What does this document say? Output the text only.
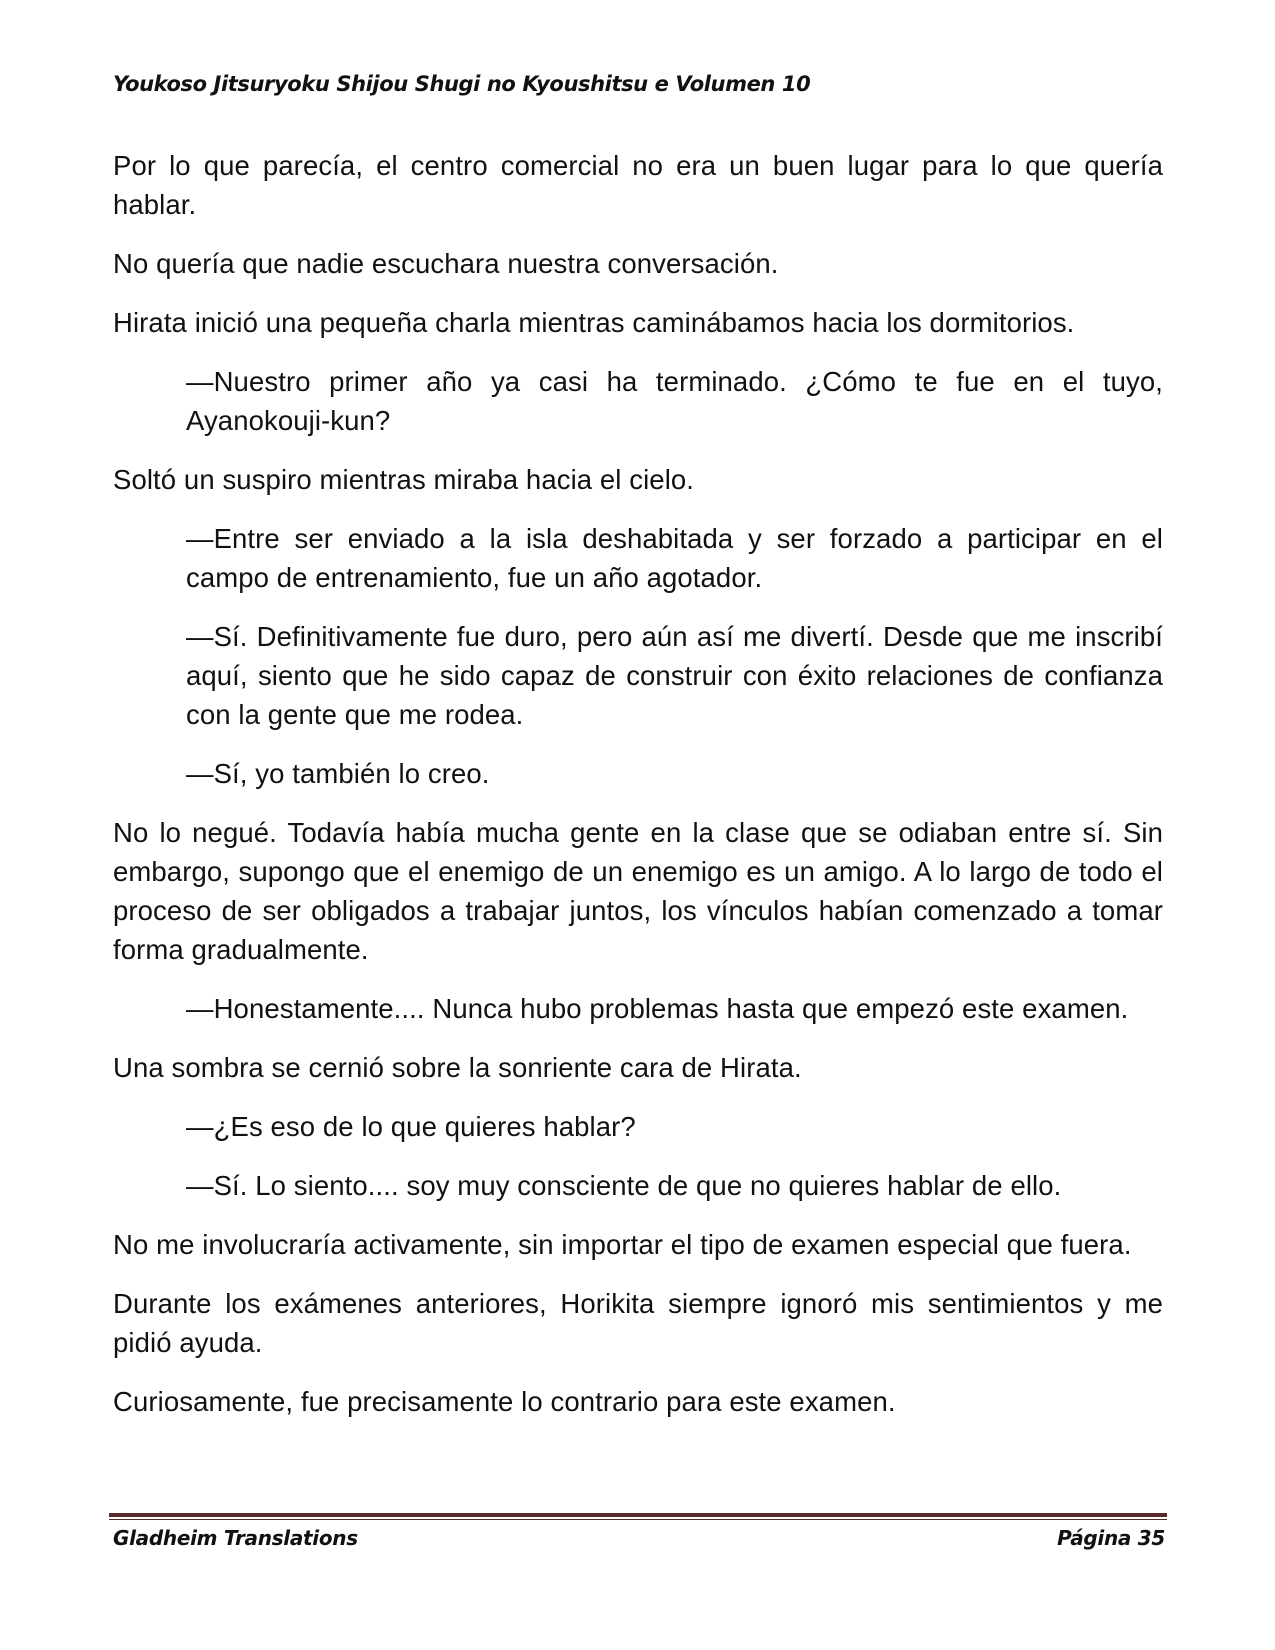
Youkoso Jitsuryoku Shijou Shugi no Kyoushitsu e Volumen 10

Por lo que parecía, el centro comercial no era un buen lugar para lo que quería hablar.

No quería que nadie escuchara nuestra conversación.

Hirata inició una pequeña charla mientras caminábamos hacia los dormitorios.

—Nuestro primer año ya casi ha terminado. ¿Cómo te fue en el tuyo, Ayanokouji-kun?

Soltó un suspiro mientras miraba hacia el cielo.

—Entre ser enviado a la isla deshabitada y ser forzado a participar en el campo de entrenamiento, fue un año agotador.

—Sí. Definitivamente fue duro, pero aún así me divertí. Desde que me inscribí aquí, siento que he sido capaz de construir con éxito relaciones de confianza con la gente que me rodea.

—Sí, yo también lo creo.

No lo negué. Todavía había mucha gente en la clase que se odiaban entre sí. Sin embargo, supongo que el enemigo de un enemigo es un amigo. A lo largo de todo el proceso de ser obligados a trabajar juntos, los vínculos habían comenzado a tomar forma gradualmente.

—Honestamente.... Nunca hubo problemas hasta que empezó este examen.

Una sombra se cernió sobre la sonriente cara de Hirata.

—¿Es eso de lo que quieres hablar?

—Sí. Lo siento.... soy muy consciente de que no quieres hablar de ello.

No me involucraría activamente, sin importar el tipo de examen especial que fuera.

Durante los exámenes anteriores, Horikita siempre ignoró mis sentimientos y me pidió ayuda.

Curiosamente, fue precisamente lo contrario para este examen.

Gladheim Translations	Página 35
